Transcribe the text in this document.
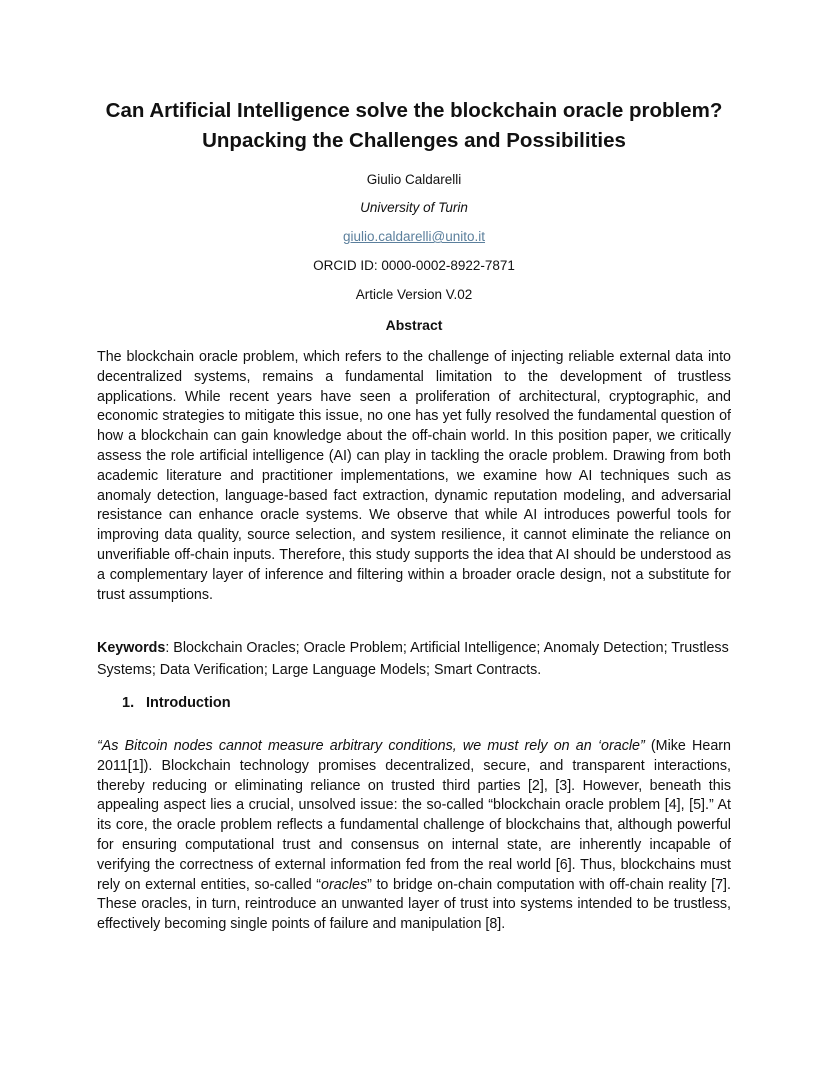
Can Artificial Intelligence solve the blockchain oracle problem?
Unpacking the Challenges and Possibilities

Giulio Caldarelli

University of Turin

giulio.caldarelli@unito.it

ORCID ID: 0000-0002-8922-7871

Article Version V.02

Abstract

The blockchain oracle problem, which refers to the challenge of injecting reliable external data into decentralized systems, remains a fundamental limitation to the development of trustless applications. While recent years have seen a proliferation of architectural, cryptographic, and economic strategies to mitigate this issue, no one has yet fully resolved the fundamental question of how a blockchain can gain knowledge about the off-chain world. In this position paper, we critically assess the role artificial intelligence (AI) can play in tackling the oracle problem. Drawing from both academic literature and practitioner implementations, we examine how AI techniques such as anomaly detection, language-based fact extraction, dynamic reputation modeling, and adversarial resistance can enhance oracle systems. We observe that while AI introduces powerful tools for improving data quality, source selection, and system resilience, it cannot eliminate the reliance on unverifiable off-chain inputs. Therefore, this study supports the idea that AI should be understood as a complementary layer of inference and filtering within a broader oracle design, not a substitute for trust assumptions.

Keywords: Blockchain Oracles; Oracle Problem; Artificial Intelligence; Anomaly Detection; Trustless Systems; Data Verification; Large Language Models; Smart Contracts.

1. Introduction

“As Bitcoin nodes cannot measure arbitrary conditions, we must rely on an ‘oracle” (Mike Hearn 2011[1]). Blockchain technology promises decentralized, secure, and transparent interactions, thereby reducing or eliminating reliance on trusted third parties [2], [3]. However, beneath this appealing aspect lies a crucial, unsolved issue: the so-called “blockchain oracle problem [4], [5].” At its core, the oracle problem reflects a fundamental challenge of blockchains that, although powerful for ensuring computational trust and consensus on internal state, are inherently incapable of verifying the correctness of external information fed from the real world [6]. Thus, blockchains must rely on external entities, so-called “oracles” to bridge on-chain computation with off-chain reality [7]. These oracles, in turn, reintroduce an unwanted layer of trust into systems intended to be trustless, effectively becoming single points of failure and manipulation [8].
